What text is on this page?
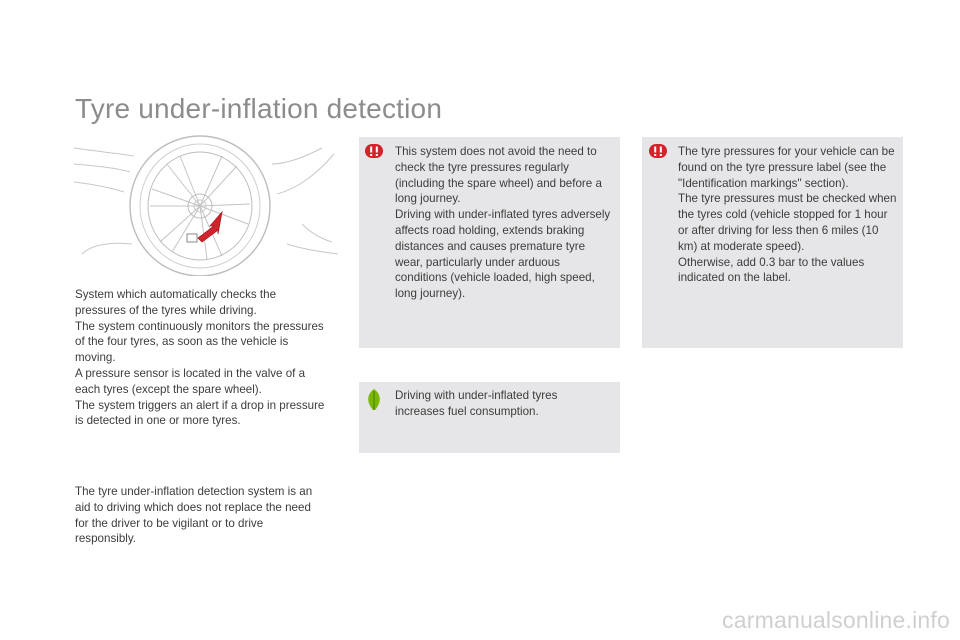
Tyre under-inflation detection

System which automatically checks the pressures of the tyres while driving.

The system continuously monitors the pressures of the four tyres, as soon as the vehicle is moving.

A pressure sensor is located in the valve of a each tyres (except the spare wheel).

The system triggers an alert if a drop in pressure is detected in one or more tyres.

The tyre under-inflation detection system is an aid to driving which does not replace the need for the driver to be vigilant or to drive responsibly.

This system does not avoid the need to check the tyre pressures regularly (including the spare wheel) and before a long journey.

Driving with under-inflated tyres adversely affects road holding, extends braking distances and causes premature tyre wear, particularly under arduous conditions (vehicle loaded, high speed, long journey).

Driving with under-inflated tyres increases fuel consumption.

The tyre pressures for your vehicle can be found on the tyre pressure label (see the "Identification markings" section).

The tyre pressures must be checked when the tyres cold (vehicle stopped for 1 hour or after driving for less then 6 miles (10 km) at moderate speed).

Otherwise, add 0.3 bar to the values indicated on the label.

carmanualsonline.info
